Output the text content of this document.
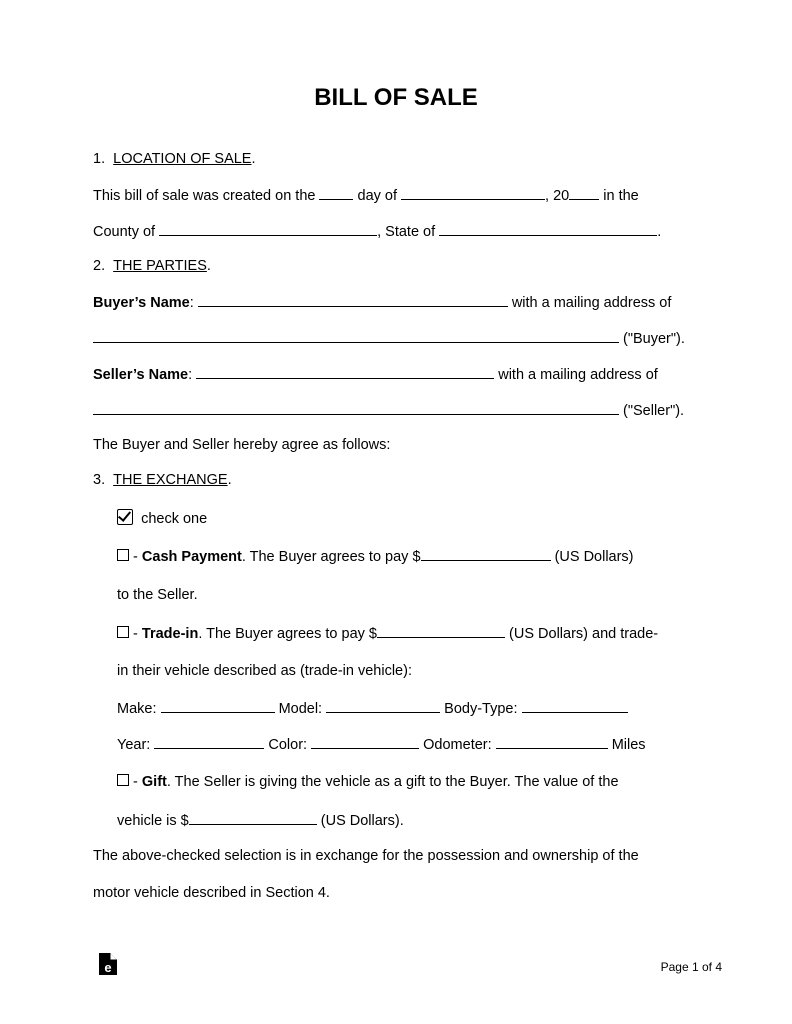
BILL OF SALE
1. LOCATION OF SALE.
This bill of sale was created on the	day of	, 20 in the
County of	, State of	.
2. THE PARTIES.
Buyer’s Name:	with a mailing address of
("Buyer").
Seller’s Name:	with a mailing address of
("Seller").
The Buyer and Seller hereby agree as follows:
3. THE EXCHANGE.
check one
- Cash Payment. The Buyer agrees to pay $	(US Dollars)
to the Seller.
- Trade-in. The Buyer agrees to pay $	(US Dollars) and trade-
in their vehicle described as (trade-in vehicle):
Make:	Model:	Body-Type:
Year:	Color:	Odometer:	Miles
- Gift. The Seller is giving the vehicle as a gift to the Buyer. The value of the
vehicle is $	(US Dollars).
The above-checked selection is in exchange for the possession and ownership of the
motor vehicle described in Section 4.
e	Page 1 of 4
